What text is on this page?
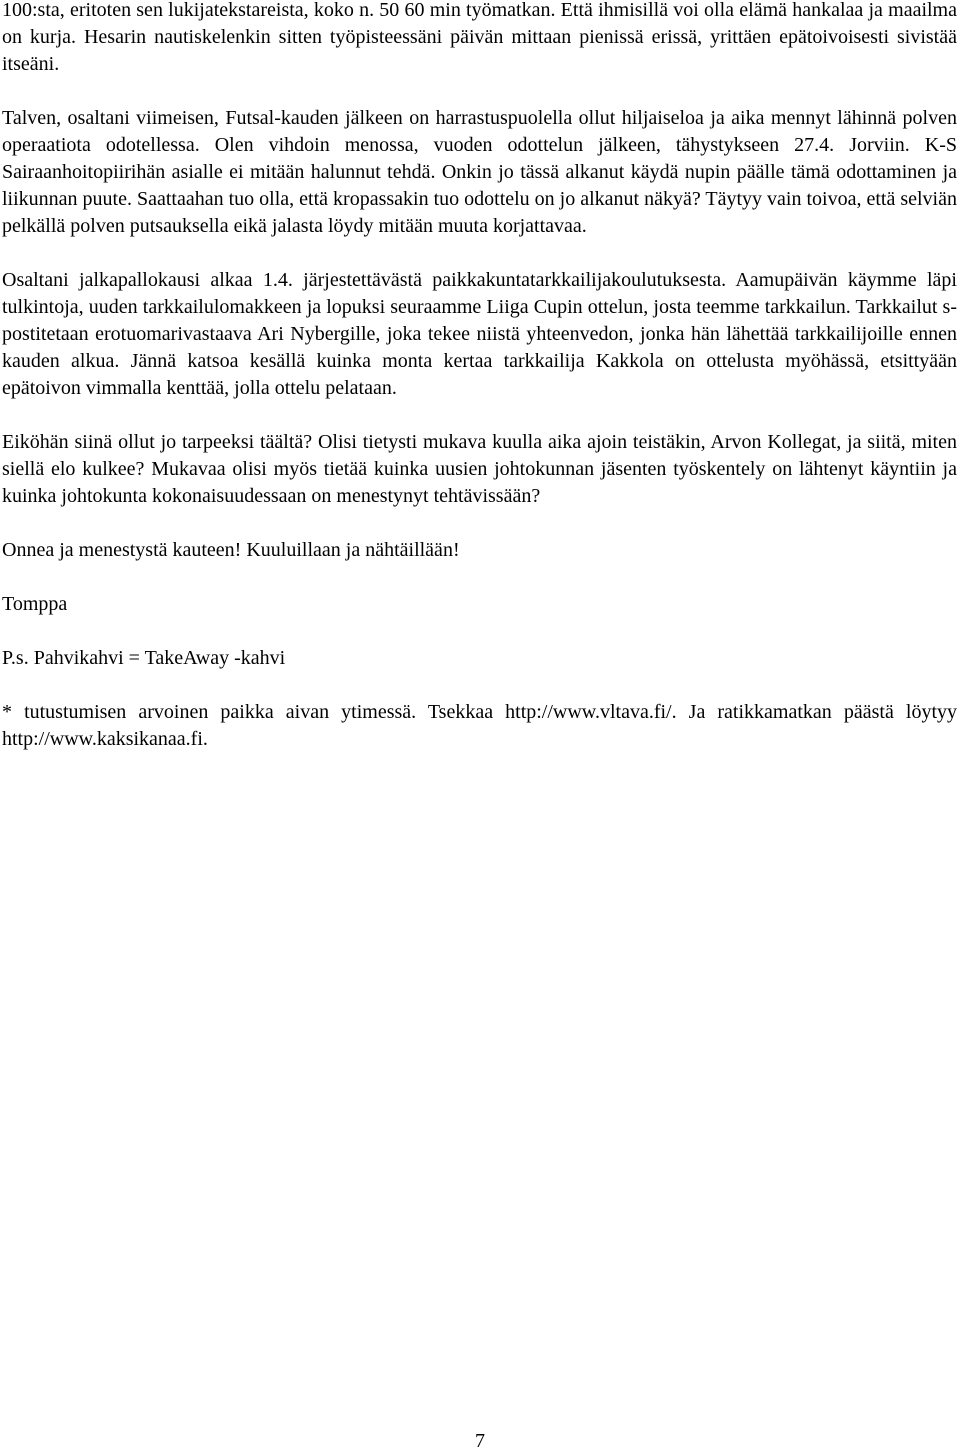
100:sta, eritoten sen lukijatekstareista, koko n. 50 60 min työmatkan. Että ihmisillä voi olla elämä hankalaa ja maailma on kurja. Hesarin nautiskelenkin sitten työpisteessäni päivän mittaan pienissä erissä, yrittäen epätoivoisesti sivistää itseäni.

Talven, osaltani viimeisen, Futsal-kauden jälkeen on harrastuspuolella ollut hiljaiseloa ja aika mennyt lähinnä polven operaatiota odotellessa. Olen vihdoin menossa, vuoden odottelun jälkeen, tähystykseen 27.4. Jorviin. K-S Sairaanhoitopiirihän asialle ei mitään halunnut tehdä. Onkin jo tässä alkanut käydä nupin päälle tämä odottaminen ja liikunnan puute. Saattaahan tuo olla, että kropassakin tuo odottelu on jo alkanut näkyä? Täytyy vain toivoa, että selviän pelkällä polven putsauksella eikä jalasta löydy mitään muuta korjattavaa.

Osaltani jalkapallokausi alkaa 1.4. järjestettävästä paikkakuntatarkkailijakoulutuksesta. Aamupäivän käymme läpi tulkintoja, uuden tarkkailulomakkeen ja lopuksi seuraamme Liiga Cupin ottelun, josta teemme tarkkailun. Tarkkailut s-postitetaan erotuomarivastaava Ari Nybergille, joka tekee niistä yhteenvedon, jonka hän lähettää tarkkailijoille ennen kauden alkua. Jännä katsoa kesällä kuinka monta kertaa tarkkailija Kakkola on ottelusta myöhässä, etsittyään epätoivon vimmalla kenttää, jolla ottelu pelataan.

Eiköhän siinä ollut jo tarpeeksi täältä? Olisi tietysti mukava kuulla aika ajoin teistäkin, Arvon Kollegat, ja siitä, miten siellä elo kulkee? Mukavaa olisi myös tietää kuinka uusien johtokunnan jäsenten työskentely on lähtenyt käyntiin ja kuinka johtokunta kokonaisuudessaan on menestynyt tehtävissään?

Onnea ja menestystä kauteen! Kuuluillaan ja nähtäillään!

Tomppa

P.s. Pahvikahvi = TakeAway -kahvi

* tutustumisen arvoinen paikka aivan ytimessä. Tsekkaa http://www.vltava.fi/. Ja ratikkamatkan päästä löytyy http://www.kaksikanaa.fi.

7
